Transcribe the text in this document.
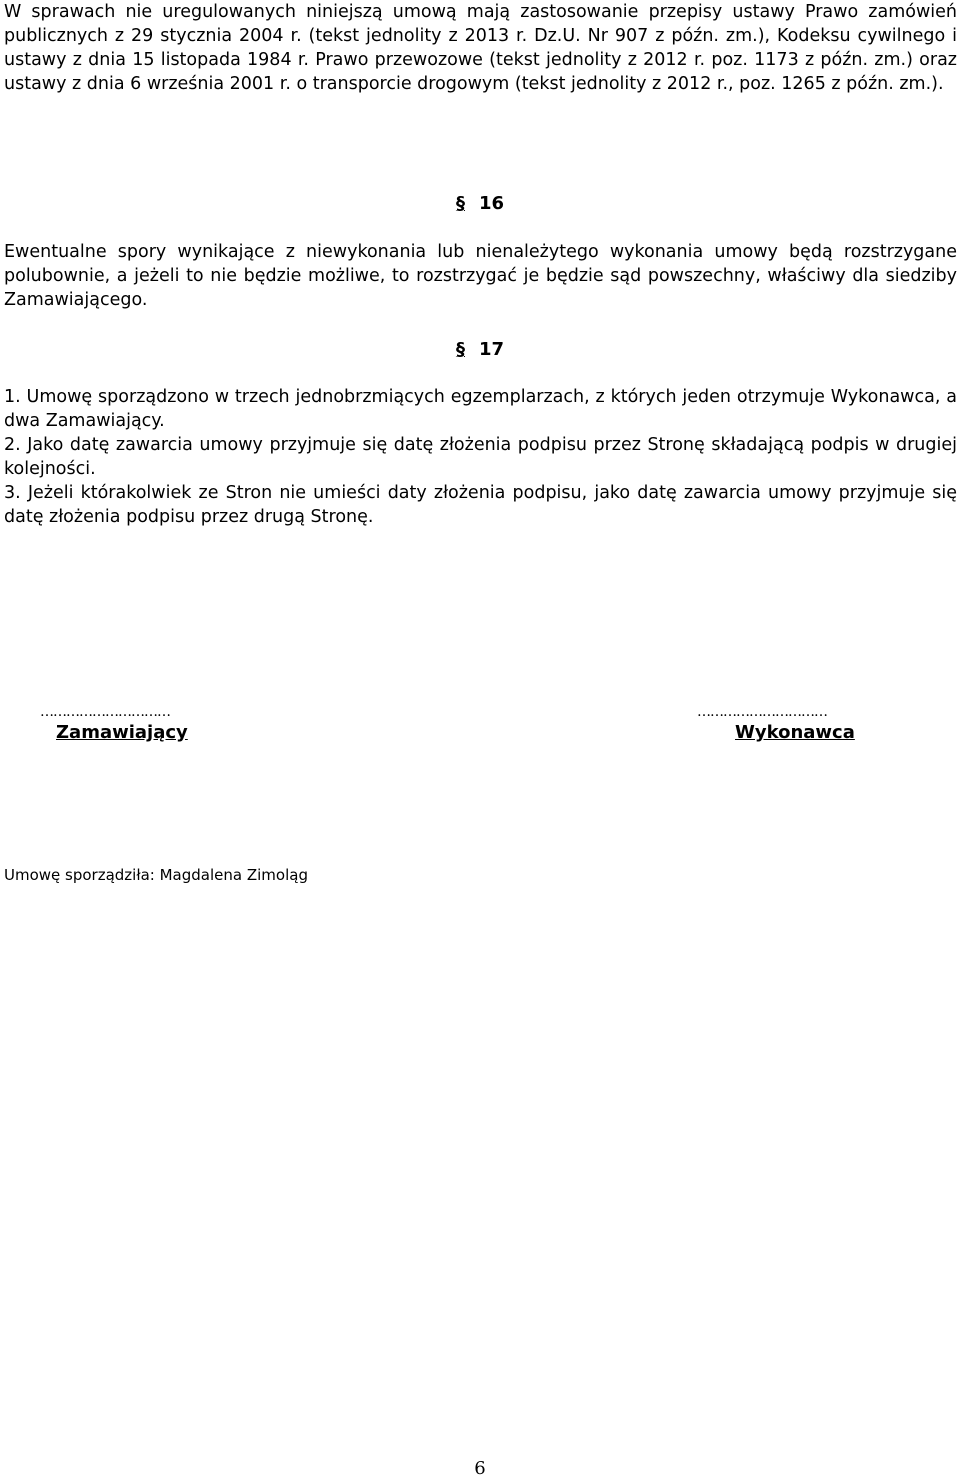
W sprawach nie uregulowanych niniejszą umową mają zastosowanie przepisy ustawy Prawo zamówień publicznych z 29 stycznia 2004 r. (tekst jednolity z 2013 r. Dz.U. Nr 907 z późn. zm.), Kodeksu cywilnego i ustawy z dnia 15 listopada 1984 r. Prawo przewozowe (tekst jednolity z 2012 r. poz. 1173 z późn. zm.) oraz ustawy z dnia 6 września 2001 r. o transporcie drogowym (tekst jednolity z 2012 r., poz. 1265 z późn. zm.).

§ 16

Ewentualne spory wynikające z niewykonania lub nienależytego wykonania umowy będą rozstrzygane polubownie, a jeżeli to nie będzie możliwe, to rozstrzygać je będzie sąd powszechny, właściwy dla siedziby Zamawiającego.

§ 17

1. Umowę sporządzono w trzech jednobrzmiących egzemplarzach, z których jeden otrzymuje Wykonawca, a dwa Zamawiający.

2. Jako datę zawarcia umowy przyjmuje się datę złożenia podpisu przez Stronę składającą podpis w drugiej kolejności.

3. Jeżeli którakolwiek ze Stron nie umieści daty złożenia podpisu, jako datę zawarcia umowy przyjmuje się datę złożenia podpisu przez drugą Stronę.

…………………………
Zamawiający
…………………………
Wykonawca
Umowę sporządziła: Magdalena Zimoląg
6
